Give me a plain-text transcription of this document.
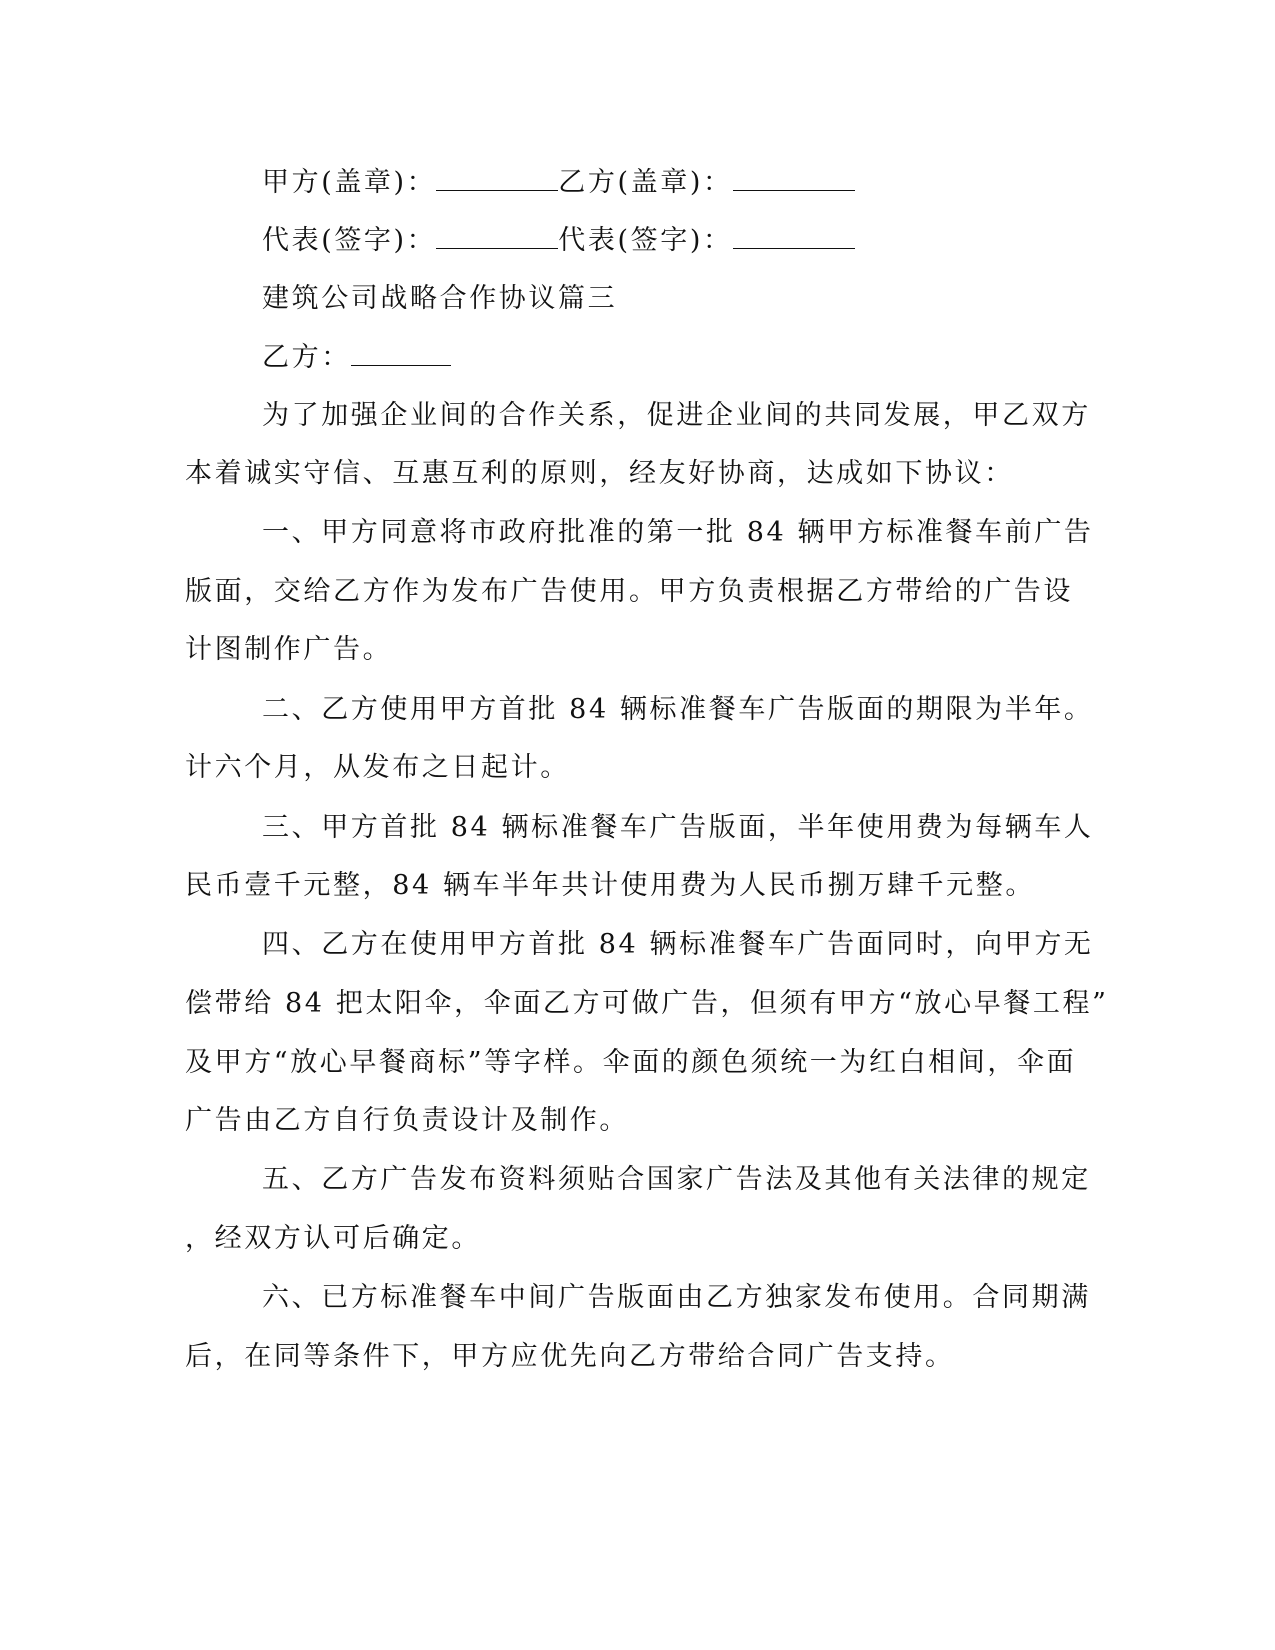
甲方(盖章)：	乙方(盖章)：
代表(签字)：	代表(签字)：
建筑公司战略合作协议篇三
乙方：
为了加强企业间的合作关系，促进企业间的共同发展，甲乙双方
本着诚实守信、互惠互利的原则，经友好协商，达成如下协议：
一、甲方同意将市政府批准的第一批 84 辆甲方标准餐车前广告
版面，交给乙方作为发布广告使用。甲方负责根据乙方带给的广告设
计图制作广告。
二、乙方使用甲方首批 84 辆标准餐车广告版面的期限为半年。
计六个月，从发布之日起计。
三、甲方首批 84 辆标准餐车广告版面，半年使用费为每辆车人
民币壹千元整，84 辆车半年共计使用费为人民币捌万肆千元整。
四、乙方在使用甲方首批 84 辆标准餐车广告面同时，向甲方无
偿带给 84 把太阳伞，伞面乙方可做广告，但须有甲方“放心早餐工程”
及甲方“放心早餐商标”等字样。伞面的颜色须统一为红白相间，伞面
广告由乙方自行负责设计及制作。
五、乙方广告发布资料须贴合国家广告法及其他有关法律的规定
，经双方认可后确定。
六、已方标准餐车中间广告版面由乙方独家发布使用。合同期满
后，在同等条件下，甲方应优先向乙方带给合同广告支持。
